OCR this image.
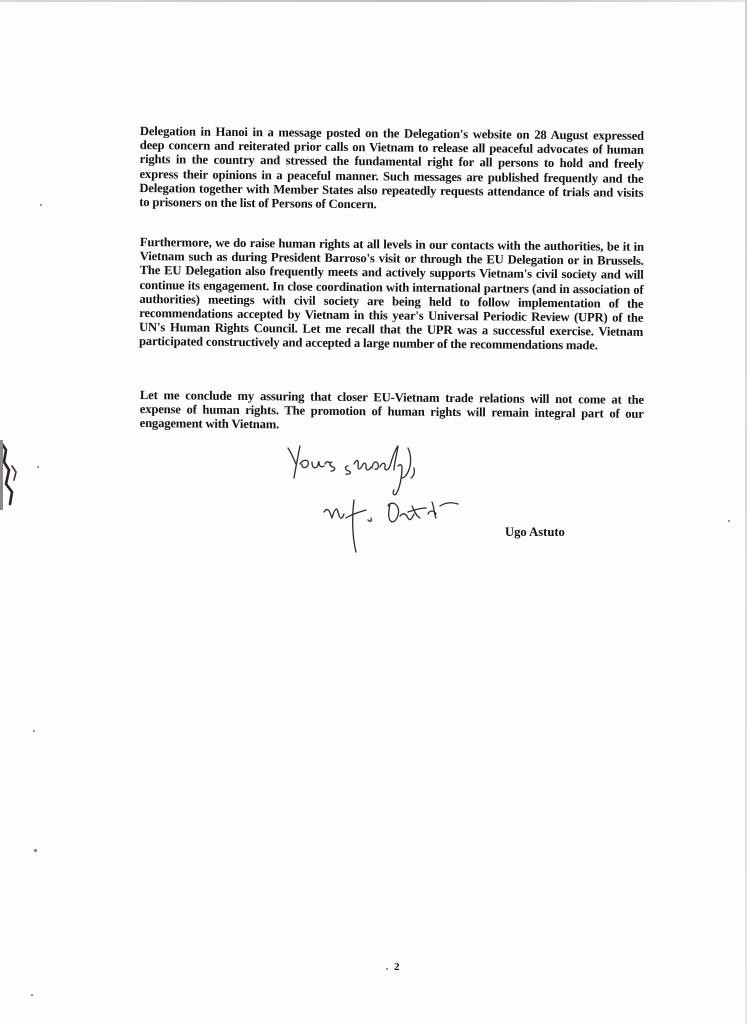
Delegation in Hanoi in a message posted on the Delegation's website on 28 August expressed deep concern and reiterated prior calls on Vietnam to release all peaceful advocates of human rights in the country and stressed the fundamental right for all persons to hold and freely express their opinions in a peaceful manner. Such messages are published frequently and the Delegation together with Member States also repeatedly requests attendance of trials and visits to prisoners on the list of Persons of Concern.

Furthermore, we do raise human rights at all levels in our contacts with the authorities, be it in Vietnam such as during President Barroso's visit or through the EU Delegation or in Brussels. The EU Delegation also frequently meets and actively supports Vietnam's civil society and will continue its engagement. In close coordination with international partners (and in association of authorities) meetings with civil society are being held to follow implementation of the recommendations accepted by Vietnam in this year's Universal Periodic Review (UPR) of the UN's Human Rights Council. Let me recall that the UPR was a successful exercise. Vietnam participated constructively and accepted a large number of the recommendations made.

Let me conclude my assuring that closer EU-Vietnam trade relations will not come at the expense of human rights. The promotion of human rights will remain integral part of our engagement with Vietnam.

Ugo Astuto

2
